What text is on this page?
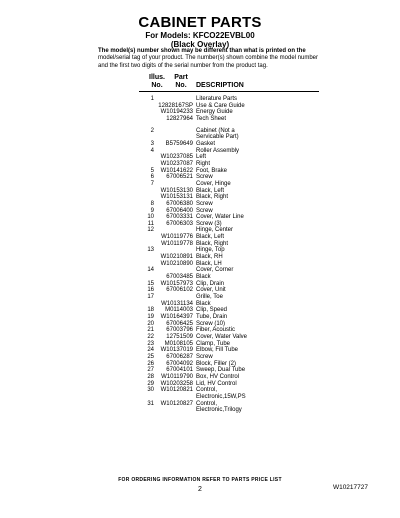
CABINET PARTS
For Models: KFCO22EVBL00
(Black Overlay)
The model(s) number shown may be different than what is printed on the model/serial tag of your product. The number(s) shown combine the model number and the first two digits of the serial number from the product tag.
Illus.
No.
Part
No.	DESCRIPTION
1	Literature Parts
12828167SP Use & Care Guide
W10194233 Energy Guide
12827964 Tech Sheet
2	Cabinet (Not a
Servicable Part)
3	B5759649 Gasket
4	Roller Assembly
W10237085 Left
W10237087 Right
5	W10141622 Foot, Brake
6	67006521 Screw
7	Cover, Hinge
W10153130 Black, Left
W10153131 Black, Right
8	67006380 Screw
9	67006400 Screw
10	67003331 Cover, Water Line
11	67006303 Screw (3)
12	Hinge, Center
W10119776 Black, Left
W10119778 Black, Right
13	Hinge, Top
W10210891 Black, RH
W10210890 Black, LH
14	Cover, Corner
67003485 Black
15	W10157973 Clip, Drain
16	67006102 Cover, Unit
17	Grille, Toe
W10131134 Black
18	M0114003 Clip, Speed
19	W10164397 Tube, Drain
20	67006425 Screw (10)
21	67003796 Fiber, Acoustic
22	12751509 Cover, Water Valve
23	M0108105 Clamp, Tube
24	W10137019 Elbow, Fill Tube
25	67006287 Screw
26	67004092 Block, Filler (2)
27	67004101 Sweep, Dual Tube
28	W10119790 Box, HV Control
29	W10203258 Lid, HV Control
30	W10120821 Control,
Electronic,15W,PS
31	W10120827 Control,
Electronic,Trilogy
FOR ORDERING INFORMATION REFER TO PARTS PRICE LIST
2	W10217727
